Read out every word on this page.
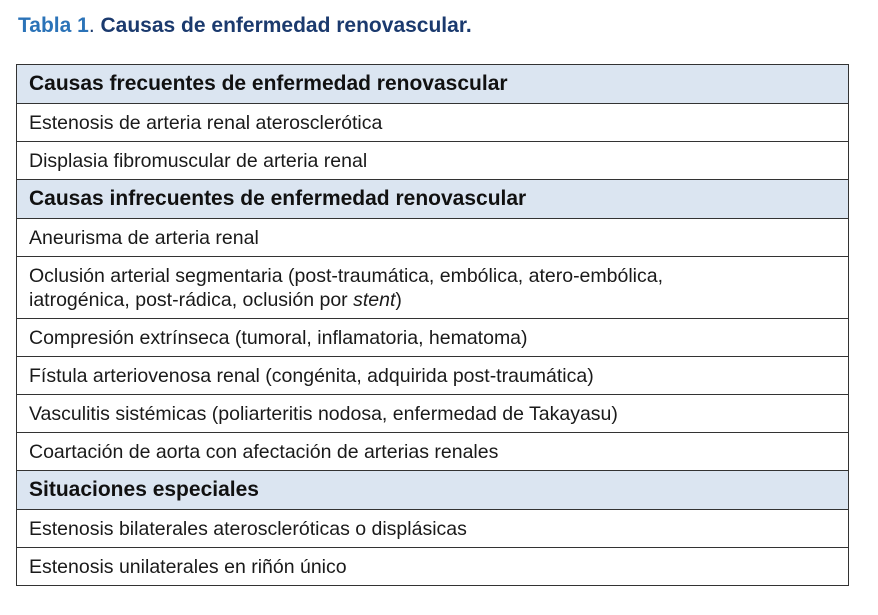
Tabla 1. Causas de enfermedad renovascular.
Causas frecuentes de enfermedad renovascular
Estenosis de arteria renal aterosclerótica
Displasia fibromuscular de arteria renal
Causas infrecuentes de enfermedad renovascular
Aneurisma de arteria renal

Oclusión arterial segmentaria (post-traumática, embólica, atero-embólica,
iatrogénica, post-rádica, oclusión por stent)

Compresión extrínseca (tumoral, inflamatoria, hematoma)
Fístula arteriovenosa renal (congénita, adquirida post-traumática)
Vasculitis sistémicas (poliarteritis nodosa, enfermedad de Takayasu)
Coartación de aorta con afectación de arterias renales
Situaciones especiales
Estenosis bilaterales ateroscleróticas o displásicas
Estenosis unilaterales en riñón único
